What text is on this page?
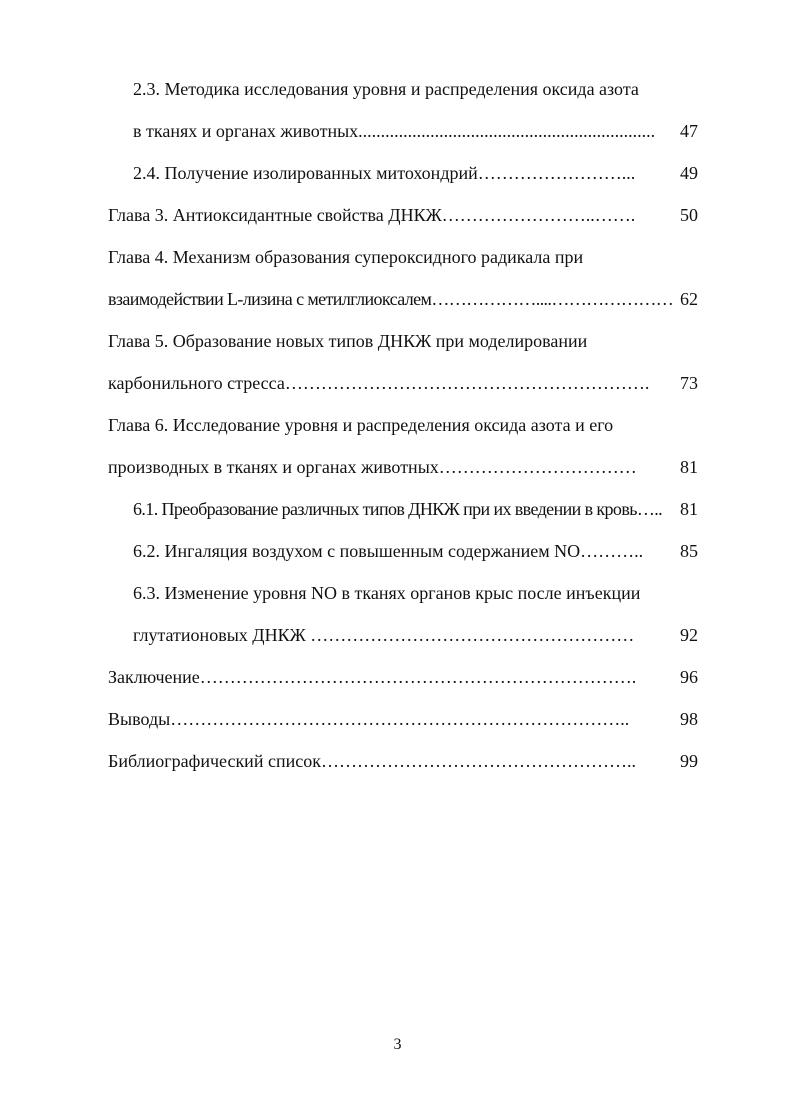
2.3. Методика исследования уровня и распределения оксида азота
в тканях и органах животных..................................................................	47
2.4. Получение изолированных митохондрий……………………...	49
Глава 3. Антиоксидантные свойства ДНКЖ……………………..…….	50
Глава 4. Механизм образования супероксидного радикала при
взаимодействии L-лизина с метилглиоксалем………………....………………… 62
Глава 5. Образование новых типов ДНКЖ при моделировании
карбонильного стресса…………………………………………………….	73
Глава 6. Исследование уровня и распределения оксида азота и его
производных в тканях и органах животных……………………………	81
6.1. Преобразование различных типов ДНКЖ при их введении в кровь….. 81
6.2. Ингаляция воздухом с повышенным содержанием NO………..	85
6.3. Изменение уровня NO в тканях органов крыс после инъекции
глутатионовых ДНКЖ ………………………………………………	92
Заключение……………………………………………………………….	96
Выводы…………………………………………………………………..	98
Библиографический список……………………………………………..	99
3
